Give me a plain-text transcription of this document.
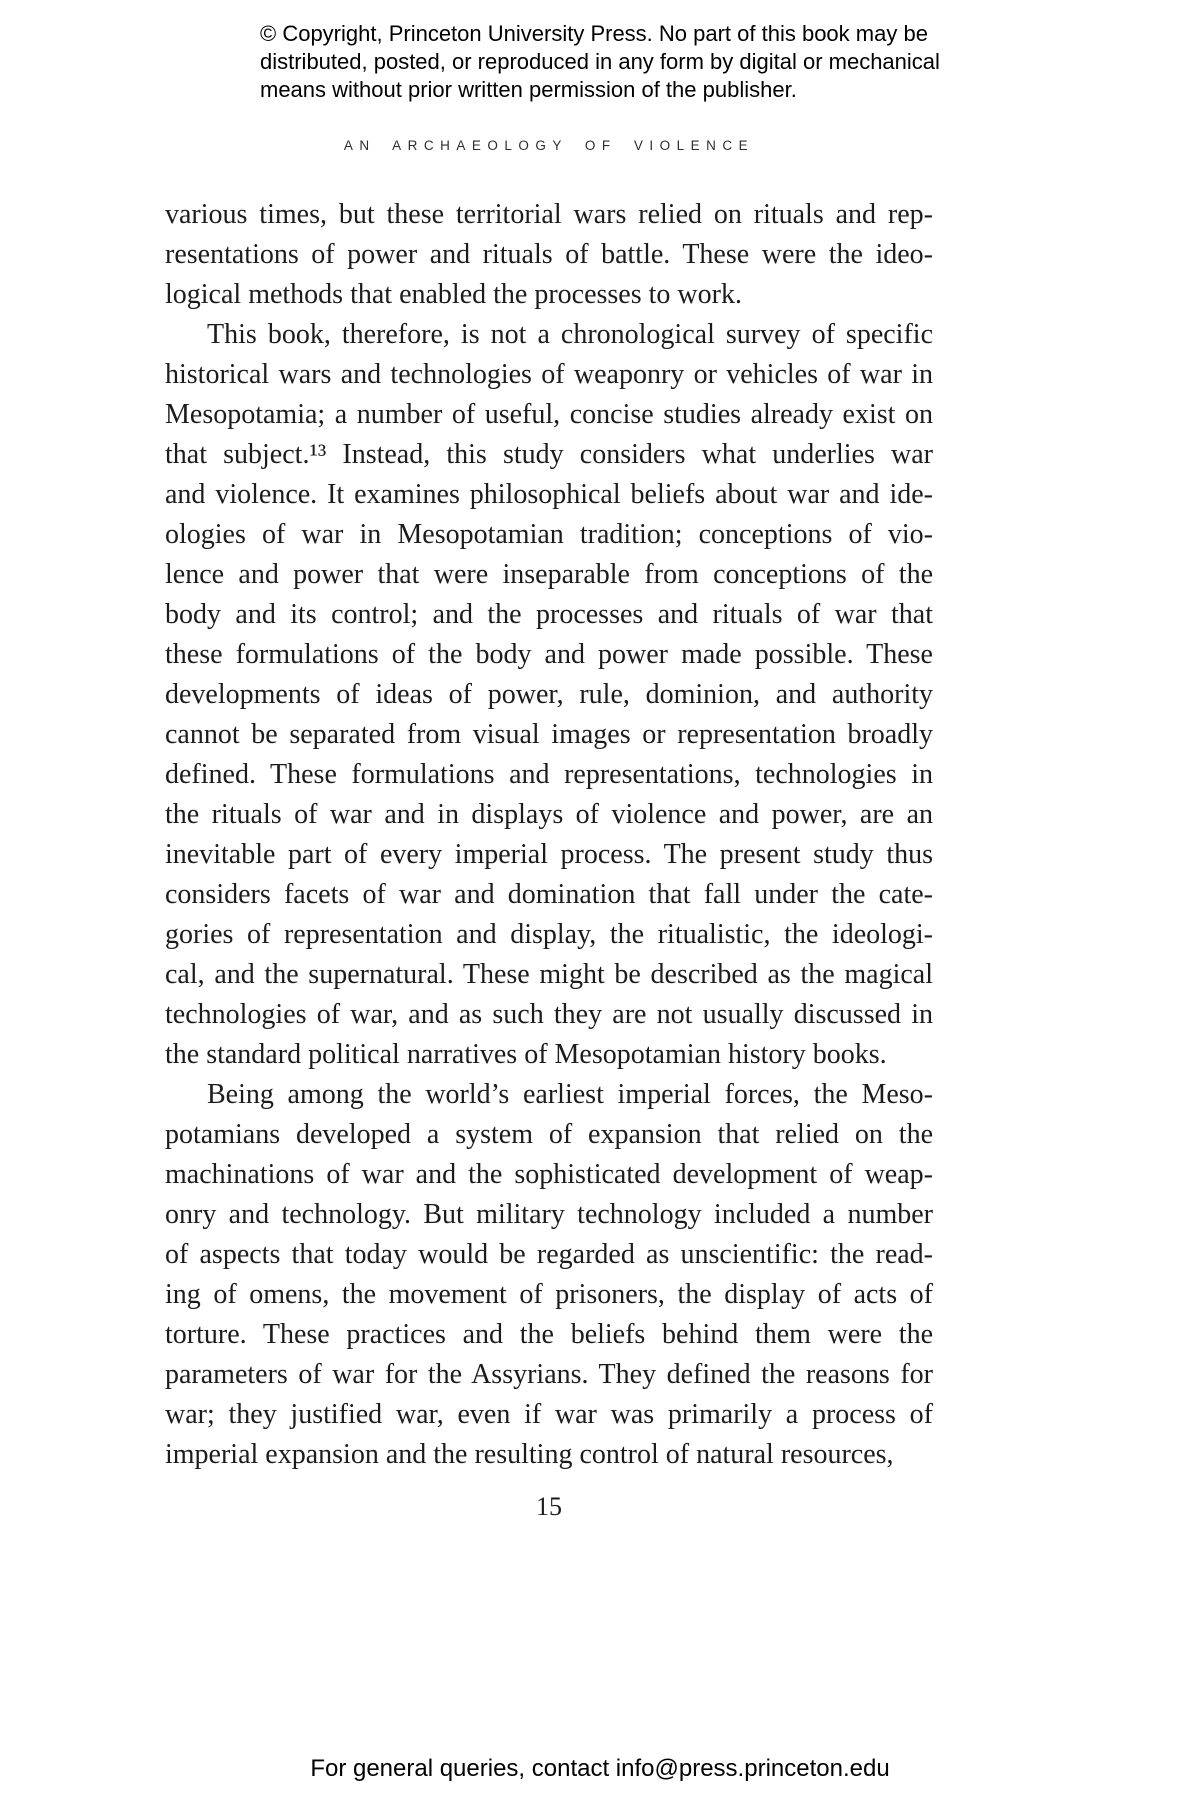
© Copyright, Princeton University Press. No part of this book may be
distributed, posted, or reproduced in any form by digital or mechanical
means without prior written permission of the publisher.
AN ARCHAEOLOGY OF VIOLENCE
various times, but these territorial wars relied on rituals and rep-
resentations of power and rituals of battle. These were the ideo-
logical methods that enabled the processes to work.
This book, therefore, is not a chronological survey of specific
historical wars and technologies of weaponry or vehicles of war in
Mesopotamia; a number of useful, concise studies already exist on
that subject.¹³ Instead, this study considers what underlies war
and violence. It examines philosophical beliefs about war and ide-
ologies of war in Mesopotamian tradition; conceptions of vio-
lence and power that were inseparable from conceptions of the
body and its control; and the processes and rituals of war that
these formulations of the body and power made possible. These
developments of ideas of power, rule, dominion, and authority
cannot be separated from visual images or representation broadly
defined. These formulations and representations, technologies in
the rituals of war and in displays of violence and power, are an
inevitable part of every imperial process. The present study thus
considers facets of war and domination that fall under the cate-
gories of representation and display, the ritualistic, the ideologi-
cal, and the supernatural. These might be described as the magical
technologies of war, and as such they are not usually discussed in
the standard political narratives of Mesopotamian history books.
Being among the world’s earliest imperial forces, the Meso-
potamians developed a system of expansion that relied on the
machinations of war and the sophisticated development of weap-
onry and technology. But military technology included a number
of aspects that today would be regarded as unscientific: the read-
ing of omens, the movement of prisoners, the display of acts of
torture. These practices and the beliefs behind them were the
parameters of war for the Assyrians. They defined the reasons for
war; they justified war, even if war was primarily a process of
imperial expansion and the resulting control of natural resources,
15
For general queries, contact info@press.princeton.edu
